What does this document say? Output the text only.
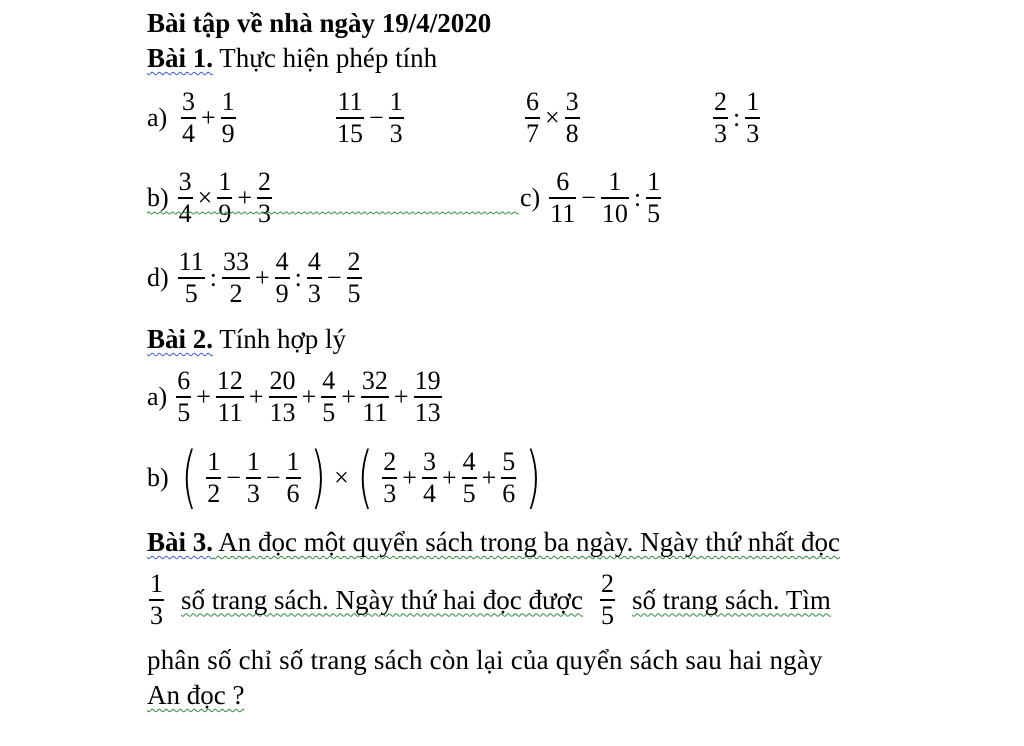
Bài tập về nhà ngày 19/4/2020
Bài 1. Thực hiện phép tính
$a) \frac{3}{4} + \frac{1}{9}$	$\frac{11}{15} - \frac{1}{3}$	$\frac{6}{7} \times \frac{3}{8}$	$\frac{2}{3}$ : $\frac{1}{3}$
$b) \frac{3}{4} \times \frac{1}{9} + \frac{2}{3}$	$c) \frac{6}{11} - \frac{1}{10}$ : $\frac{1}{5}$
$d) \frac{11}{5}$ : $\frac{33}{2} + \frac{4}{9}$ : $\frac{4}{3} - \frac{2}{5}$
Bài 2. Tính hợp lý
$a) \frac{6}{5} + \frac{12}{11} + \frac{20}{13} + \frac{4}{5} + \frac{32}{11} + \frac{19}{13}$
b) ( $\frac{1}{2} - \frac{1}{3} - \frac{1}{6}$ ) × ( $\frac{2}{3} + \frac{3}{4} + \frac{4}{5} + \frac{5}{6}$ )
Bài 3. An đọc một quyển sách trong ba ngày. Ngày thứ nhất đọc
$\frac{1}{3}$ số trang sách. Ngày thứ hai đọc được $\frac{2}{5}$ số trang sách. Tìm
phân số chỉ số trang sách còn lại của quyển sách sau hai ngày
An đọc ?
